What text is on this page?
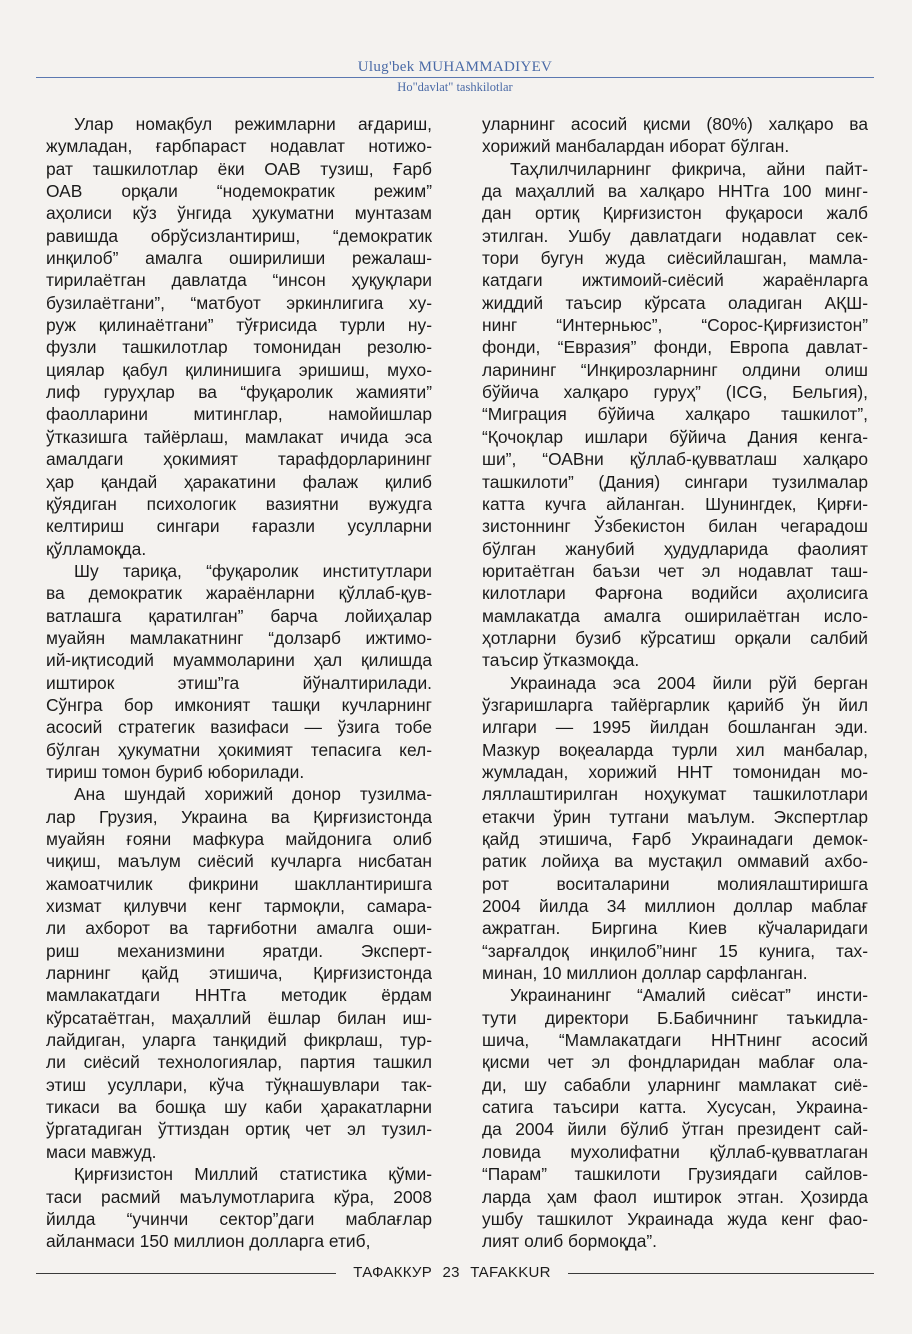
Ulug'bek MUHAMMADIYEV
Ho"davlat" tashkilotlar
Улар номақбул режимларни ағдариш,
жумладан, ғарбпараст нодавлат нотижо-
рат ташкилотлар ёки ОАВ тузиш, Ғарб
ОАВ орқали “нодемократик режим”
аҳолиси кўз ўнгида ҳукуматни мунтазам
равишда обрўсизлантириш, “демократик
инқилоб” амалга оширилиши режалаш-
тирилаётган давлатда “инсон ҳуқуқлари
бузилаётгани”, “матбуот эркинлигига ху-
руж қилинаётгани” тўғрисида турли ну-
фузли ташкилотлар томонидан резолю-
циялар қабул қилинишига эришиш, мухо-
лиф гуруҳлар ва “фуқаролик жамияти”
фаолларини митинглар, намойишлар
ўтказишга тайёрлаш, мамлакат ичида эса
амалдаги ҳокимият тарафдорларининг
ҳар қандай ҳаракатини фалаж қилиб
қўядиган психологик вазиятни вужудга
келтириш сингари ғаразли усулларни
қўлламоқда.
Шу тариқа, “фуқаролик институтлари
ва демократик жараёнларни қўллаб-қув-
ватлашга қаратилган” барча лойиҳалар
муайян мамлакатнинг “долзарб ижтимо-
ий-иқтисодий муаммоларини ҳал қилишда
иштирок этиш”га йўналтирилади.
Сўнгра бор имконият ташқи кучларнинг
асосий стратегик вазифаси — ўзига тобе
бўлган ҳукуматни ҳокимият тепасига кел-
тириш томон буриб юборилади.
Ана шундай хорижий донор тузилма-
лар Грузия, Украина ва Қирғизистонда
муайян ғояни мафкура майдонига олиб
чиқиш, маълум сиёсий кучларга нисбатан
жамоатчилик фикрини шакллантиришга
хизмат қилувчи кенг тармоқли, самара-
ли ахборот ва тарғиботни амалга оши-
риш механизмини яратди. Эксперт-
ларнинг қайд этишича, Қирғизистонда
мамлакатдаги ННТга методик ёрдам
кўрсатаётган, маҳаллий ёшлар билан иш-
лайдиган, уларга танқидий фикрлаш, тур-
ли сиёсий технологиялар, партия ташкил
этиш усуллари, кўча тўқнашувлари так-
тикаси ва бошқа шу каби ҳаракатларни
ўргатадиган ўттиздан ортиқ чет эл тузил-
маси мавжуд.
Қирғизистон Миллий статистика қўми-
таси расмий маълумотларига кўра, 2008
йилда “учинчи сектор”даги маблағлар
айланмаси 150 миллион долларга етиб,
уларнинг асосий қисми (80%) халқаро ва
хорижий манбалардан иборат бўлган.
Таҳлилчиларнинг фикрича, айни пайт-
да маҳаллий ва халқаро ННТга 100 минг-
дан ортиқ Қирғизистон фуқароси жалб
этилган. Ушбу давлатдаги нодавлат сек-
тори бугун жуда сиёсийлашган, мамла-
катдаги ижтимоий-сиёсий жараёнларга
жиддий таъсир кўрсата оладиган АҚШ-
нинг “Интерньюс”, “Сорос-Қирғизистон”
фонди, “Евразия” фонди, Европа давлат-
ларининг “Инқирозларнинг олдини олиш
бўйича халқаро гуруҳ” (ICG, Бельгия),
“Миграция бўйича халқаро ташкилот”,
“Қочоқлар ишлари бўйича Дания кенга-
ши”, “ОАВни қўллаб-қувватлаш халқаро
ташкилоти” (Дания) сингари тузилмалар
катта кучга айланган. Шунингдек, Қирғи-
зистоннинг Ўзбекистон билан чегарадош
бўлган жанубий ҳудудларида фаолият
юритаётган баъзи чет эл нодавлат таш-
килотлари Фарғона водийси аҳолисига
мамлакатда амалга оширилаётган исло-
ҳотларни бузиб кўрсатиш орқали салбий
таъсир ўтказмоқда.
Украинада эса 2004 йили рўй берган
ўзгаришларга тайёргарлик қарийб ўн йил
илгари — 1995 йилдан бошланган эди.
Мазкур воқеаларда турли хил манбалар,
жумладан, хорижий ННТ томонидан мо-
ляллаштирилган ноҳукумат ташкилотлари
етакчи ўрин тутгани маълум. Экспертлар
қайд этишича, Ғарб Украинадаги демок-
ратик лойиҳа ва мустақил оммавий ахбо-
рот воситаларини молиялаштиришга
2004 йилда 34 миллион доллар маблағ
ажратган. Биргина Киев кўчаларидаги
“зарғалдоқ инқилоб”нинг 15 кунига, тах-
минан, 10 миллион доллар сарфланган.
Украинанинг “Амалий сиёсат” инсти-
тути директори Б.Бабичнинг таъкидла-
шича, “Мамлакатдаги ННТнинг асосий
қисми чет эл фондларидан маблағ ола-
ди, шу сабабли уларнинг мамлакат сиё-
сатига таъсири катта. Хусусан, Украина-
да 2004 йили бўлиб ўтган президент сай-
ловида мухолифатни қўллаб-қувватлаган
“Парам” ташкилоти Грузиядаги сайлов-
ларда ҳам фаол иштирок этган. Ҳозирда
ушбу ташкилот Украинада жуда кенг фао-
лият олиб бормоқда”.
ТАФАККУР 23 TAFAKKUR
